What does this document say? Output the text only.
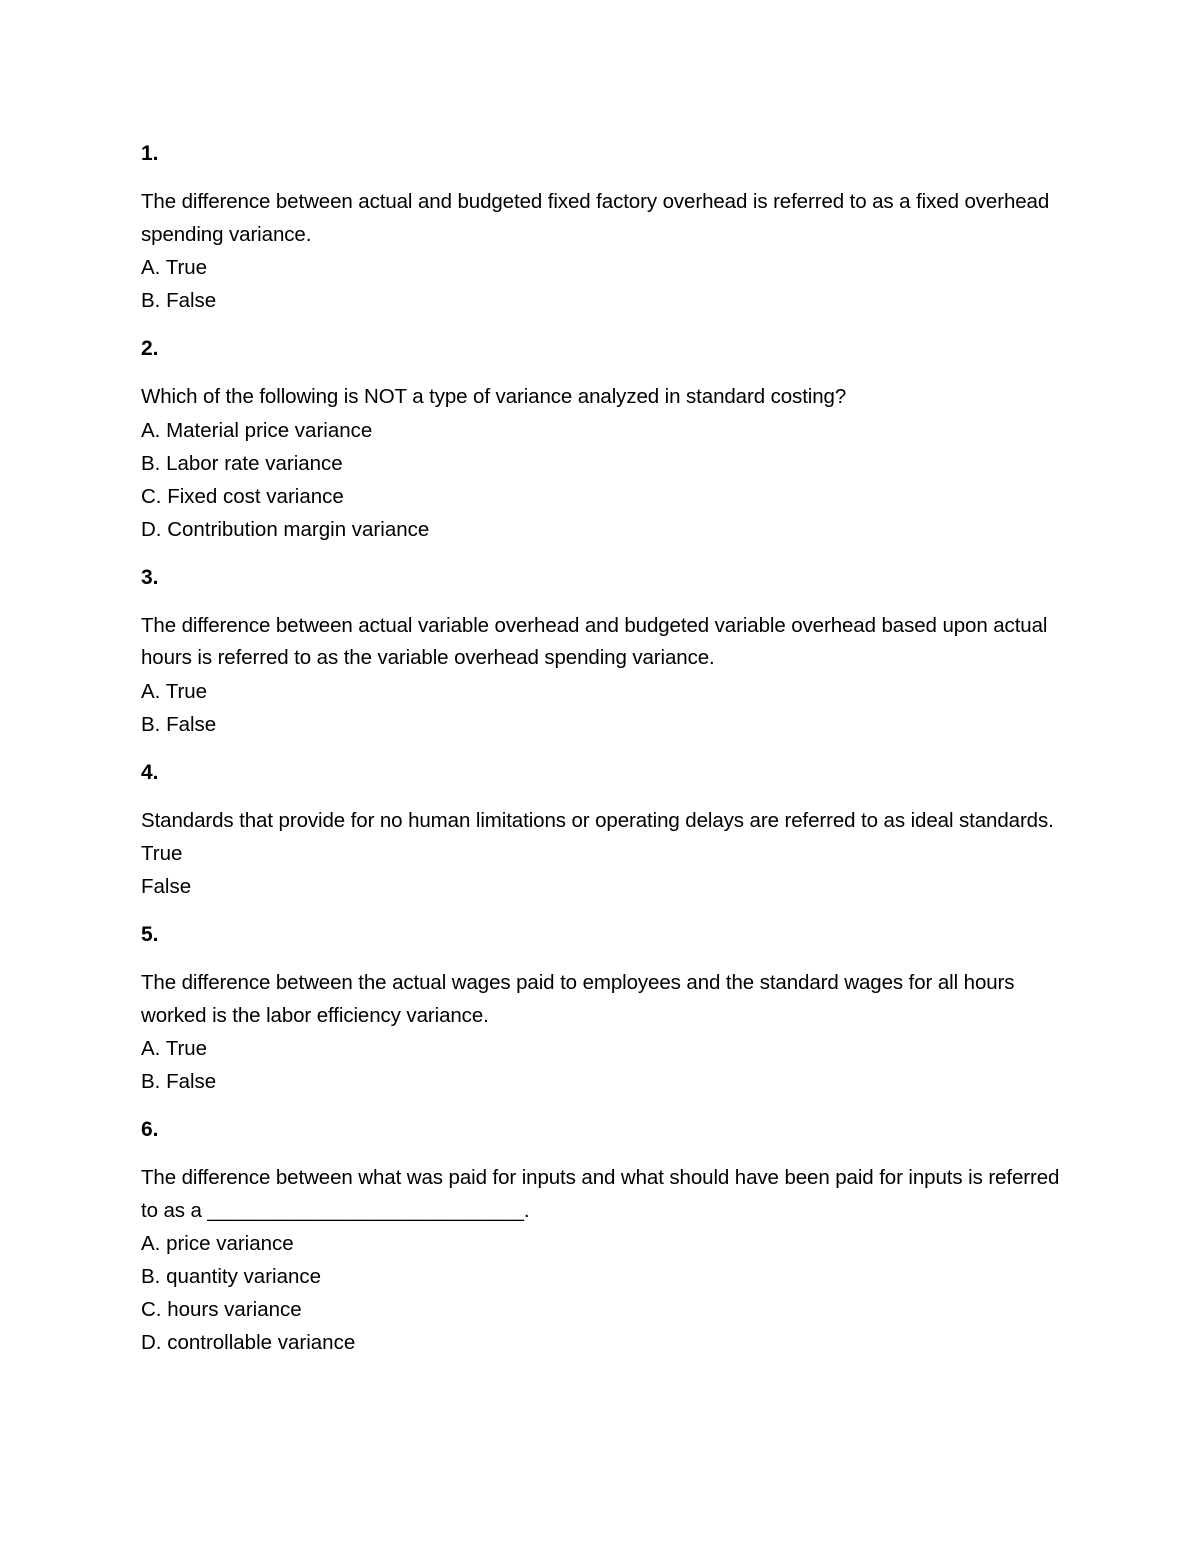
1.

The difference between actual and budgeted fixed factory overhead is referred to as a fixed overhead spending variance.

A. True
B. False
2.

Which of the following is NOT a type of variance analyzed in standard costing?

A. Material price variance
B. Labor rate variance
C. Fixed cost variance
D. Contribution margin variance
3.

The difference between actual variable overhead and budgeted variable overhead based upon actual hours is referred to as the variable overhead spending variance.

A. True
B. False
4.

Standards that provide for no human limitations or operating delays are referred to as ideal standards.

True
False
5.

The difference between the actual wages paid to employees and the standard wages for all hours worked is the labor efficiency variance.

A. True
B. False
6.

The difference between what was paid for inputs and what should have been paid for inputs is referred to as a ____________________________.

A. price variance
B. quantity variance
C. hours variance
D. controllable variance
